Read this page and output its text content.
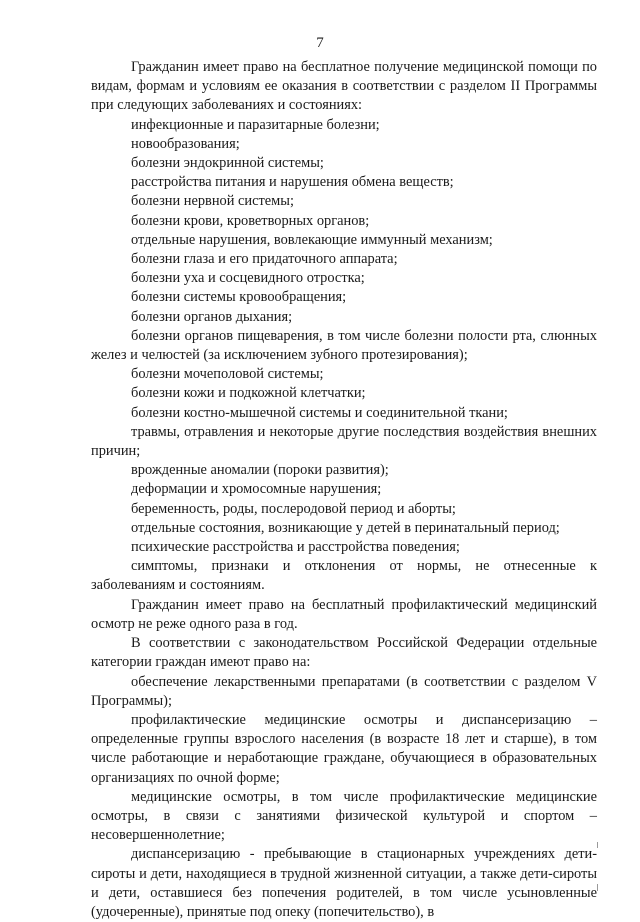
7

Гражданин имеет право на бесплатное получение медицинской помощи по видам, формам и условиям ее оказания в соответствии с разделом II Программы при следующих заболеваниях и состояниях:

инфекционные и паразитарные болезни;

новообразования;

болезни эндокринной системы;

расстройства питания и нарушения обмена веществ;

болезни нервной системы;

болезни крови, кроветворных органов;

отдельные нарушения, вовлекающие иммунный механизм;

болезни глаза и его придаточного аппарата;

болезни уха и сосцевидного отростка;

болезни системы кровообращения;

болезни органов дыхания;

болезни органов пищеварения, в том числе болезни полости рта, слюнных желез и челюстей (за исключением зубного протезирования);

болезни мочеполовой системы;

болезни кожи и подкожной клетчатки;

болезни костно-мышечной системы и соединительной ткани;

травмы, отравления и некоторые другие последствия воздействия внешних причин;

врожденные аномалии (пороки развития);

деформации и хромосомные нарушения;

беременность, роды, послеродовой период и аборты;

отдельные состояния, возникающие у детей в перинатальный период;

психические расстройства и расстройства поведения;

симптомы, признаки и отклонения от нормы, не отнесенные к заболеваниям и состояниям.

Гражданин имеет право на бесплатный профилактический медицинский осмотр не реже одного раза в год.

В соответствии с законодательством Российской Федерации отдельные категории граждан имеют право на:

обеспечение лекарственными препаратами (в соответствии с разделом V Программы);

профилактические медицинские осмотры и диспансеризацию – определенные группы взрослого населения (в возрасте 18 лет и старше), в том числе работающие и неработающие граждане, обучающиеся в образовательных организациях по очной форме;

медицинские осмотры, в том числе профилактические медицинские осмотры, в связи с занятиями физической культурой и спортом – несовершеннолетние;

диспансеризацию - пребывающие в стационарных учреждениях дети-сироты и дети, находящиеся в трудной жизненной ситуации, а также дети-сироты и дети, оставшиеся без попечения родителей, в том числе усыновленные (удочеренные), принятые под опеку (попечительство), в
